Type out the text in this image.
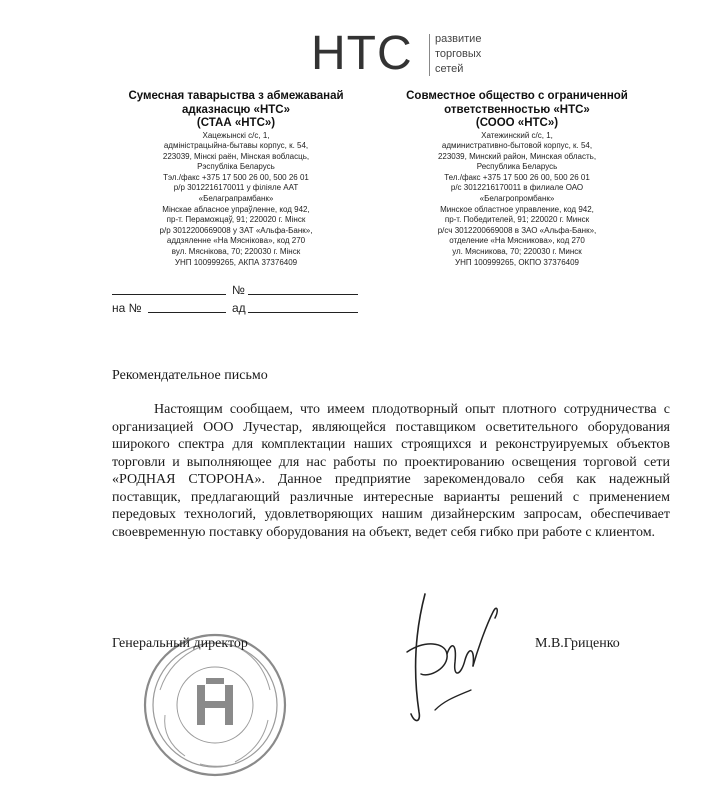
НТС развитие
торговых
сетей
Сумесная таварыства з абмежаванай
адказнасцю «НТС»
(СТАА «НТС»)
Хацежынскі с/с, 1,
адміністрацыйна-бытавы корпус, к. 54,
223039, Мінскі раён, Мінская вобласць,
Рэспубліка Беларусь
Тэл./факс +375 17 500 26 00, 500 26 01
р/р 3012216170011 у філіяле ААТ
«Белаграпрамбанк»
Мінскае абласное упраўленне, код 942,
пр-т. Пераможцаў, 91; 220020 г. Мінск
р/р 3012200669008 у ЗАТ «Альфа-Банк»,
аддзяленне «На Мясніковa», код 270
вул. Мясніковa, 70; 220030 г. Мінск
УНП 100999265, АКПА 37376409
Совместное общество с ограниченной
ответственностью «НТС»
(СООО «НТС»)
Хатежинский с/с, 1,
административно-бытовой корпус, к. 54,
223039, Минский район, Минская область,
Республика Беларусь
Тел./факс +375 17 500 26 00, 500 26 01
р/с 3012216170011 в филиале ОАО
«Белагропромбанк»
Минское областное управление, код 942,
пр-т. Победителей, 91; 220020 г. Минск
р/сч 3012200669008 в ЗАО «Альфа-Банк»,
отделение «На Мясникова», код 270
ул. Мясникова, 70; 220030 г. Минск
УНП 100999265, ОКПО 37376409
№
на №	ад
Рекомендательное письмо
Настоящим сообщаем, что имеем плодотворный опыт плотного сотрудничества с организацией ООО Лучестар, являющейся поставщиком осветительного оборудования широкого спектра для комплектации наших строящихся и реконструируемых объектов торговли и выполняющее для нас работы по проектированию освещения торговой сети «РОДНАЯ СТОРОНА». Данное предприятие зарекомендовало себя как надежный поставщик, предлагающий различные интересные варианты решений с применением передовых технологий, удовлетворяющих нашим дизайнерским запросам, обеспечивает своевременную поставку оборудования на объект, ведет себя гибко при работе с клиентом.
Генеральный директор	М.В.Гриценко
